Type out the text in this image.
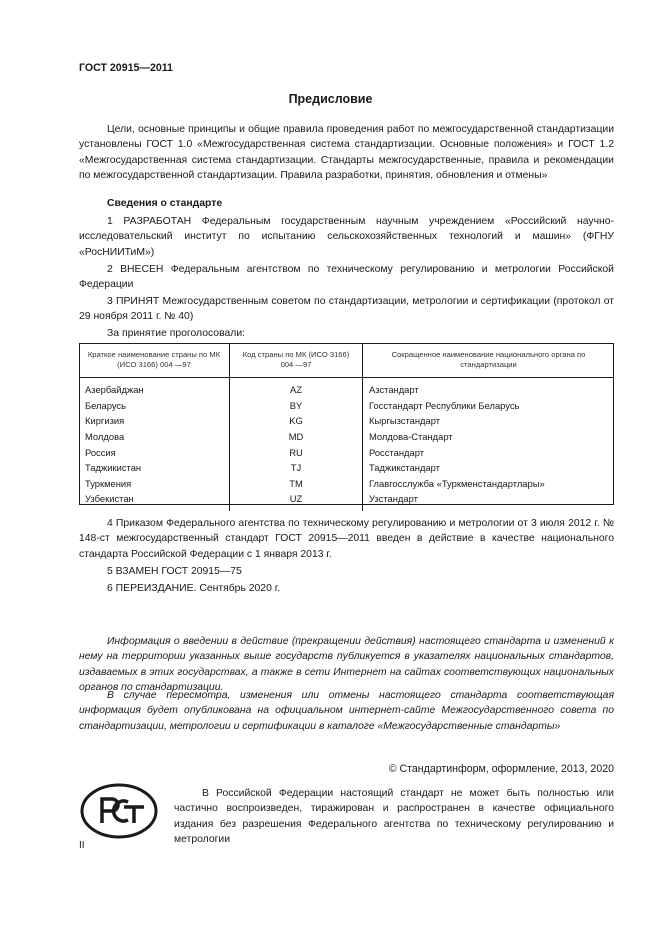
ГОСТ 20915—2011
Предисловие

Цели, основные принципы и общие правила проведения работ по межгосударственной стандартизации установлены ГОСТ 1.0 «Межгосударственная система стандартизации. Основные положения» и ГОСТ 1.2 «Межгосударственная система стандартизации. Стандарты межгосударственные, правила и рекомендации по межгосударственной стандартизации. Правила разработки, принятия, обновления и отмены»

Сведения о стандарте

1 РАЗРАБОТАН Федеральным государственным научным учреждением «Российский научно-исследовательский институт по испытанию сельскохозяйственных технологий и машин» (ФГНУ «РосНИИТиМ»)

2 ВНЕСЕН Федеральным агентством по техническому регулированию и метрологии Российской Федерации

3 ПРИНЯТ Межгосударственным советом по стандартизации, метрологии и сертификации (протокол от 29 ноября 2011 г. № 40)

За принятие проголосовали:

Краткое наименование страны по МК (ИСО 3166) 004 —97	Код страны по МК (ИСО 3166) 004 —97	Сокращенное наименование национального органа по стандартизации
Азербайджан	AZ	Азстандарт
Беларусь	BY	Госстандарт Республики Беларусь
Киргизия	KG	Кыргызстандарт
Молдова	MD	Молдова-Стандарт
Россия	RU	Росстандарт
Таджикистан	TJ	Таджикстандарт
Туркмения	TM	Главгосслужба «Туркменстандартлары»
Узбекистан	UZ	Узстандарт

4 Приказом Федерального агентства по техническому регулированию и метрологии от 3 июля 2012 г. № 148-ст межгосударственный стандарт ГОСТ 20915—2011 введен в действие в качестве национального стандарта Российской Федерации с 1 января 2013 г.

5 ВЗАМЕН ГОСТ 20915—75

6 ПЕРЕИЗДАНИЕ. Сентябрь 2020 г.

Информация о введении в действие (прекращении действия) настоящего стандарта и изменений к нему на территории указанных выше государств публикуется в указателях национальных стандартов, издаваемых в этих государствах, а также в сети Интернет на сайтах соответствующих национальных органов по стандартизации.

В случае пересмотра, изменения или отмены настоящего стандарта соответствующая информация будет опубликована на официальном интернет-сайте Межгосударственного совета по стандартизации, метрологии и сертификации в каталоге «Межгосударственные стандарты»

© Стандартинформ, оформление, 2013, 2020

В Российской Федерации настоящий стандарт не может быть полностью или частично воспроизведен, тиражирован и распространен в качестве официального издания без разрешения Федерального агентства по техническому регулированию и метрологии

II
